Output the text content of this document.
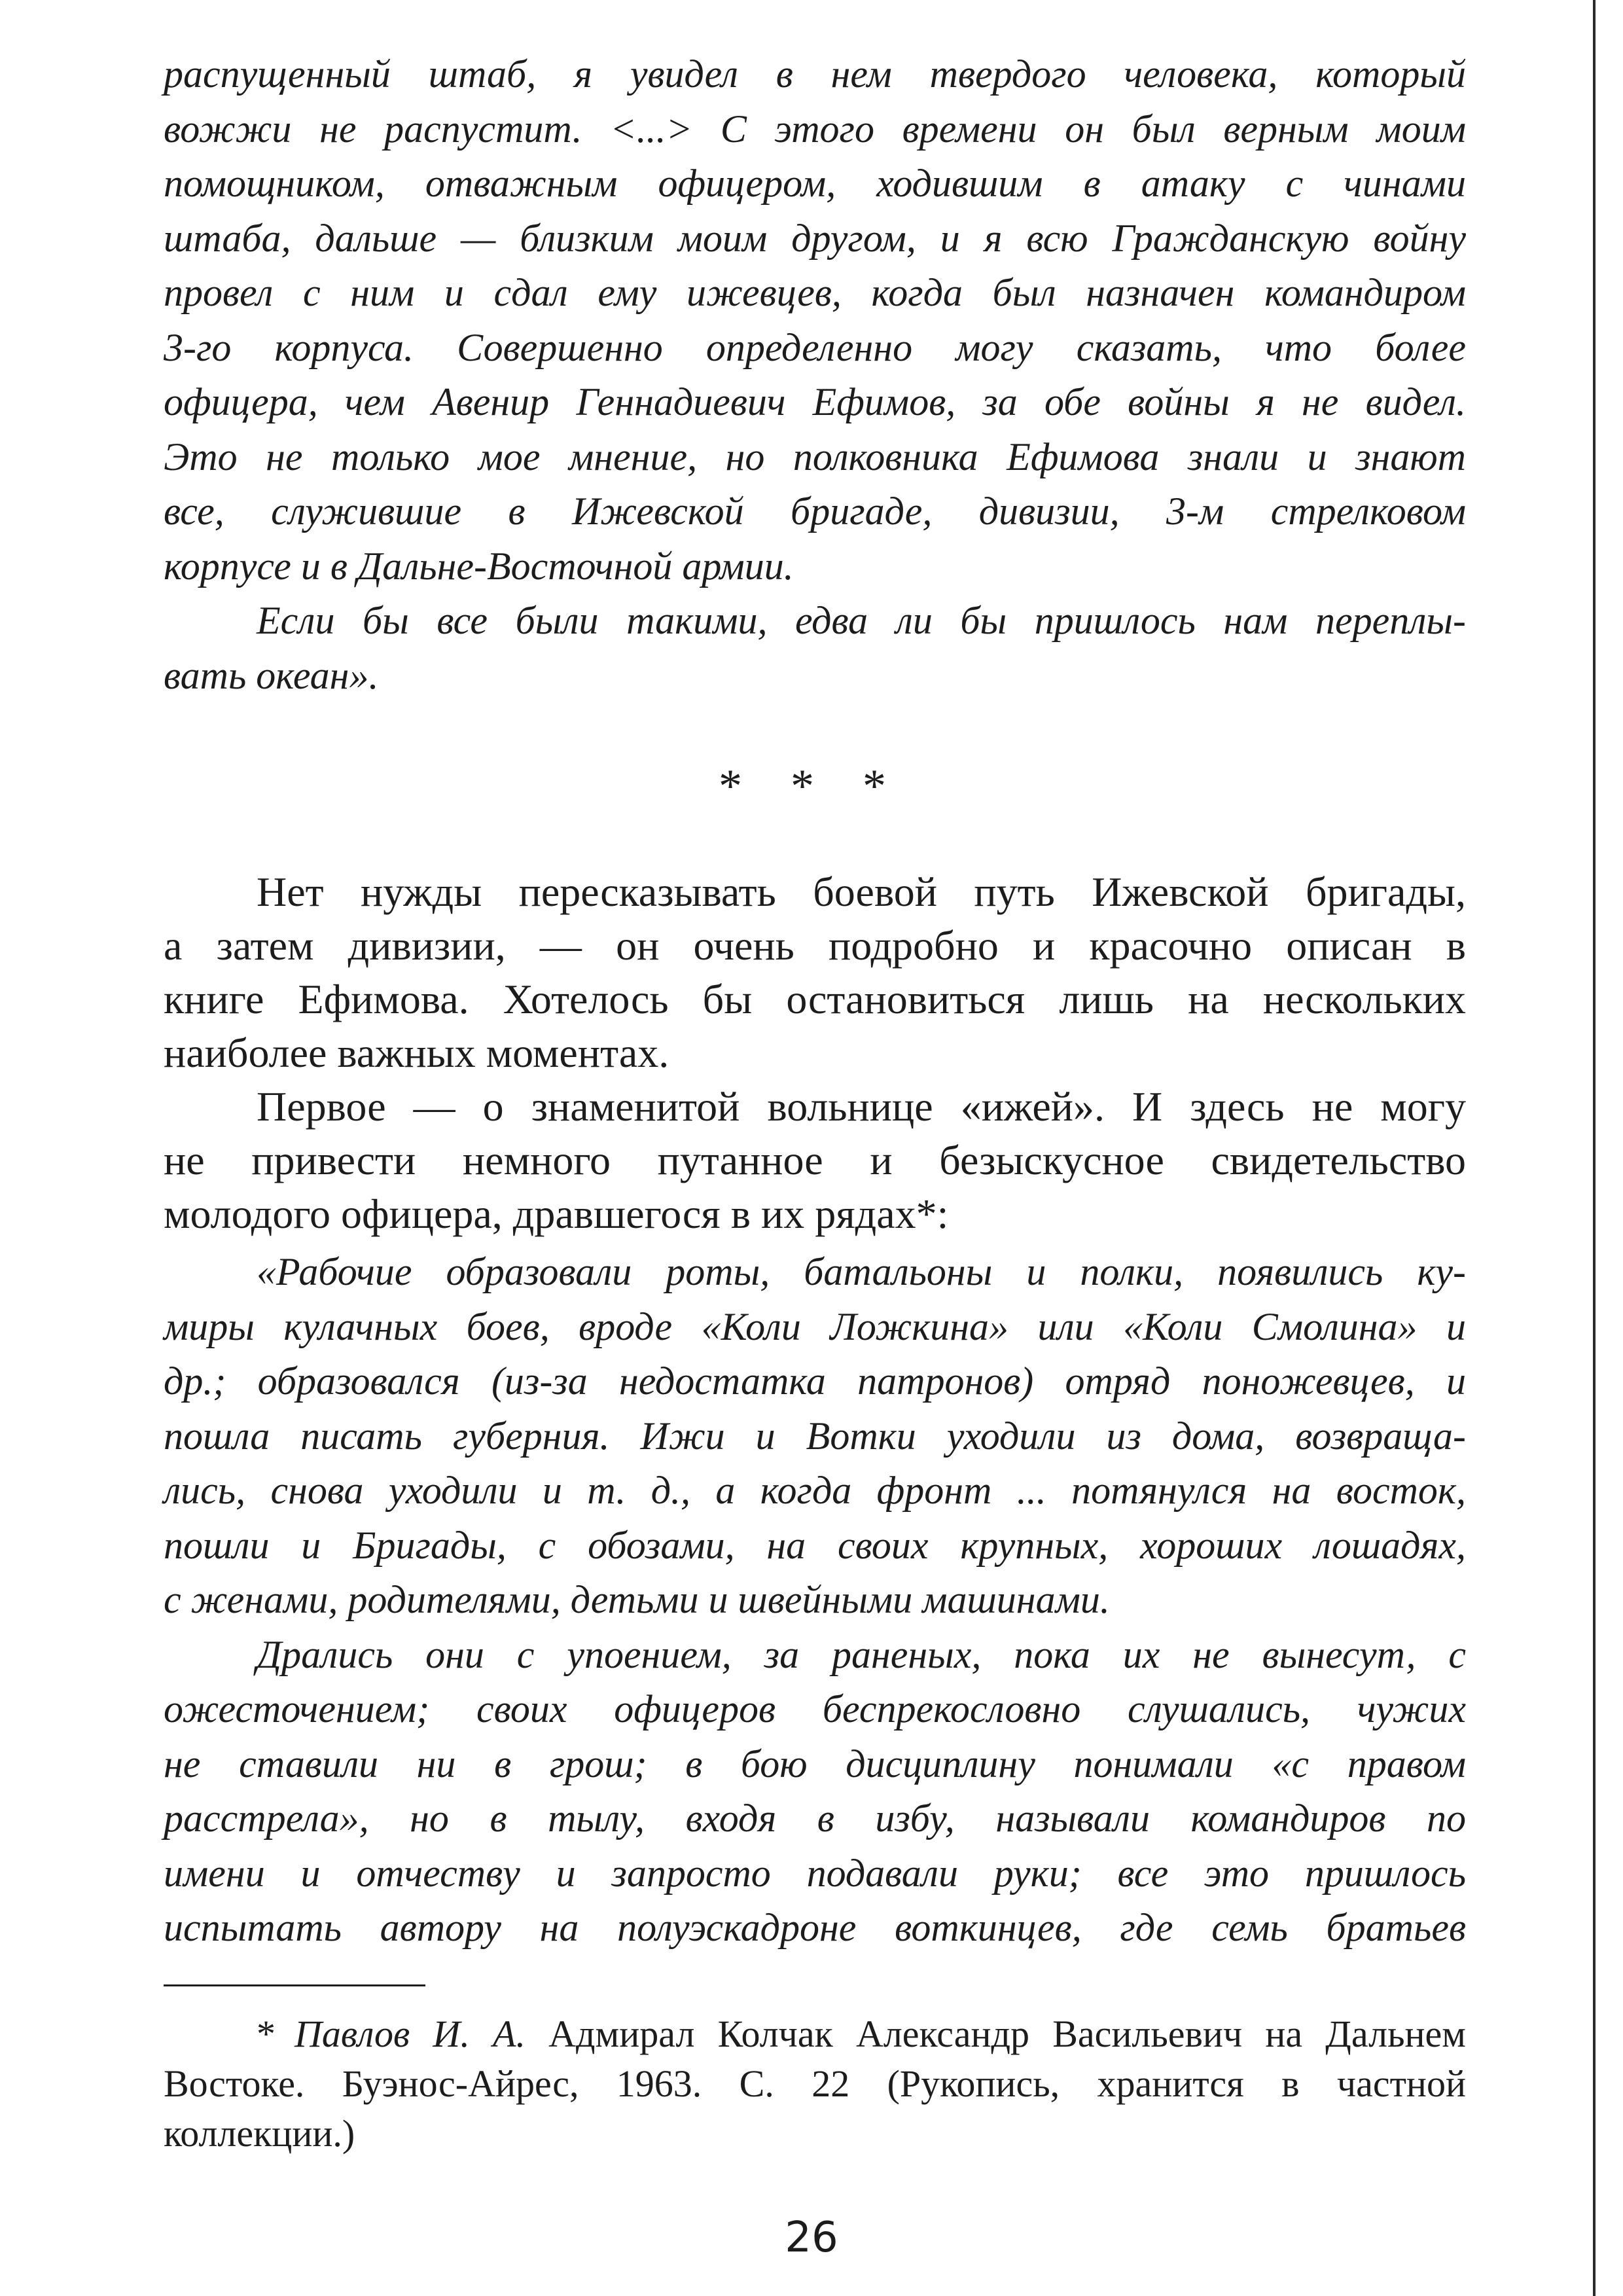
распущенный штаб, я увидел в нем твердого человека, который
вожжи не распустит. <...> С этого времени он был верным моим
помощником, отважным офицером, ходившим в атаку с чинами
штаба, дальше — близким моим другом, и я всю Гражданскую войну
провел с ним и сдал ему ижевцев, когда был назначен командиром
3-го корпуса. Совершенно определенно могу сказать, что более
офицера, чем Авенир Геннадиевич Ефимов, за обе войны я не видел.
Это не только мое мнение, но полковника Ефимова знали и знают
все, служившие в Ижевской бригаде, дивизии, 3-м стрелковом
корпусе и в Дальне-Восточной армии.
Если бы все были такими, едва ли бы пришлось нам переплы-
вать океан».
* * *
Нет нужды пересказывать боевой путь Ижевской бригады,
а затем дивизии, — он очень подробно и красочно описан в
книге Ефимова. Хотелось бы остановиться лишь на нескольких
наиболее важных моментах.
Первое — о знаменитой вольнице «ижей». И здесь не могу
не привести немного путанное и безыскусное свидетельство
молодого офицера, дравшегося в их рядах*:
«Рабочие образовали роты, батальоны и полки, появились ку-
миры кулачных боев, вроде «Коли Ложкина» или «Коли Смолина» и
др.; образовался (из-за недостатка патронов) отряд поножевцев, и
пошла писать губерния. Ижи и Вотки уходили из дома, возвраща-
лись, снова уходили и т. д., а когда фронт ... потянулся на восток,
пошли и Бригады, с обозами, на своих крупных, хороших лошадях,
с женами, родителями, детьми и швейными машинами.
Дрались они с упоением, за раненых, пока их не вынесут, с
ожесточением; своих офицеров беспрекословно слушались, чужих
не ставили ни в грош; в бою дисциплину понимали «с правом
расстрела», но в тылу, входя в избу, называли командиров по
имени и отчеству и запросто подавали руки; все это пришлось
испытать автору на полуэскадроне воткинцев, где семь братьев
*  Павлов И. А. Адмирал Колчак Александр Васильевич на Дальнем
Востоке. Буэнос-Айрес, 1963. С. 22 (Рукопись, хранится в частной
коллекции.)
26
